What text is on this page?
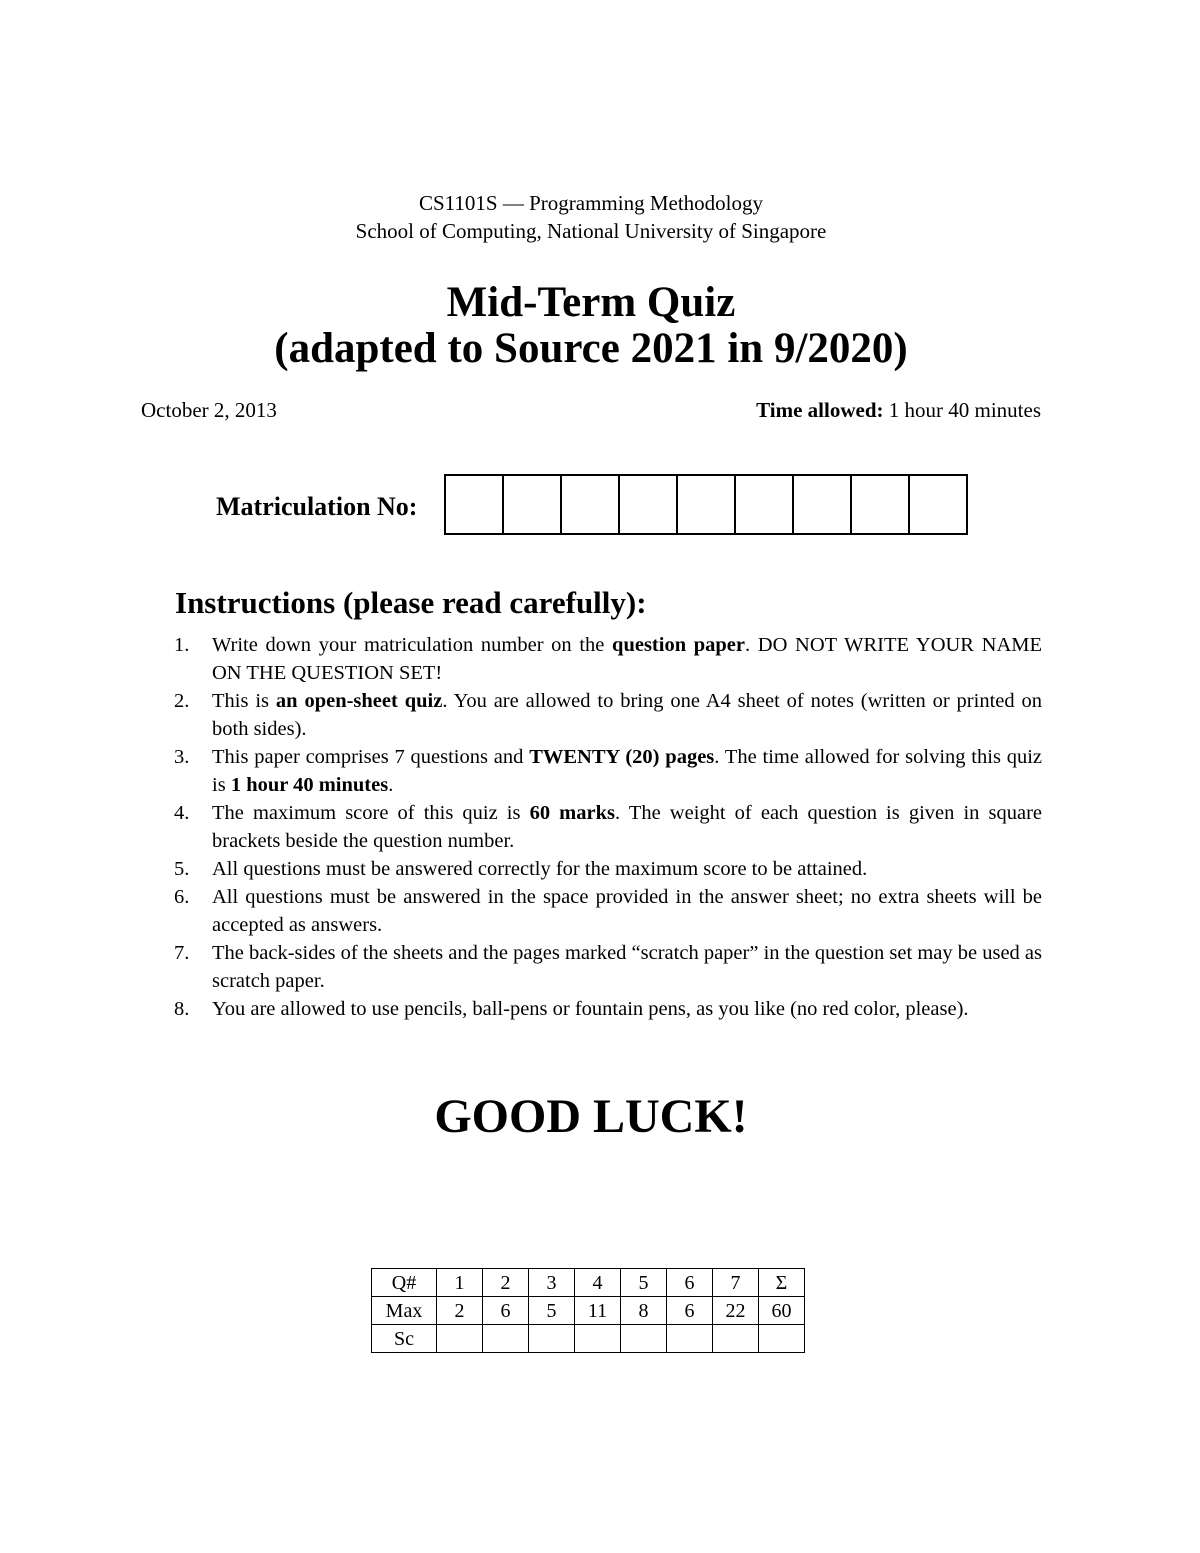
CS1101S — Programming Methodology
School of Computing, National University of Singapore
Mid-Term Quiz
(adapted to Source 2021 in 9/2020)
October 2, 2013	Time allowed: 1 hour 40 minutes
Matriculation No:
Instructions (please read carefully):
1. Write down your matriculation number on the question paper. DO NOT WRITE YOUR NAME ON THE QUESTION SET!
2. This is an open-sheet quiz. You are allowed to bring one A4 sheet of notes (written or printed on both sides).
3. This paper comprises 7 questions and TWENTY (20) pages. The time allowed for solving this quiz is 1 hour 40 minutes.
4. The maximum score of this quiz is 60 marks. The weight of each question is given in square brackets beside the question number.
5. All questions must be answered correctly for the maximum score to be attained.
6. All questions must be answered in the space provided in the answer sheet; no extra sheets will be accepted as answers.
7. The back-sides of the sheets and the pages marked “scratch paper” in the question set may be used as scratch paper.
8. You are allowed to use pencils, ball-pens or fountain pens, as you like (no red color, please).
GOOD LUCK!
Q#	1	2	3	4	5	6	7	Σ
Max	2	6	5	11	8	6	22	60
Sc								
